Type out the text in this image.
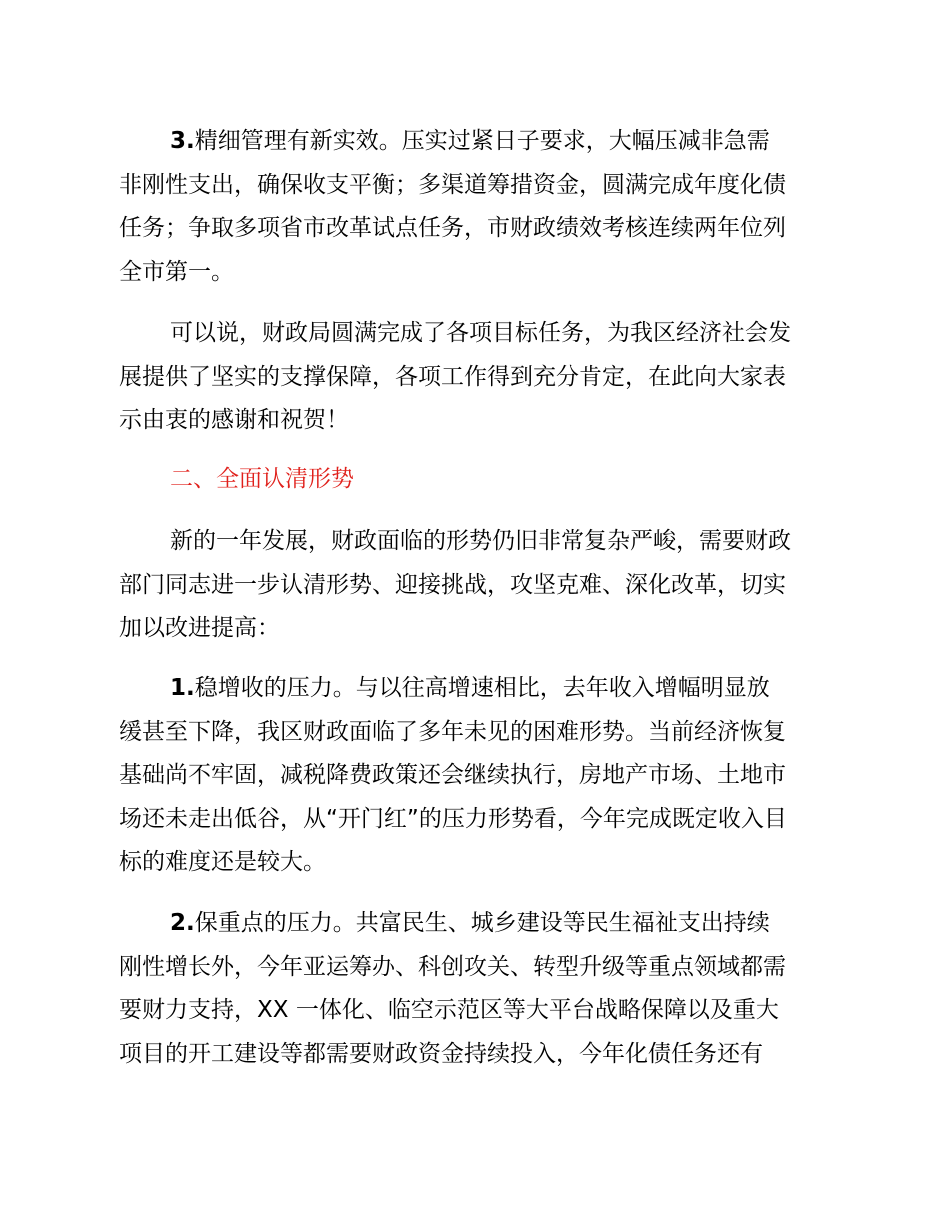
3.精细管理有新实效。压实过紧日子要求，大幅压减非急需
非刚性支出，确保收支平衡；多渠道筹措资金，圆满完成年度化债
任务；争取多项省市改革试点任务，市财政绩效考核连续两年位列
全市第一。

可以说，财政局圆满完成了各项目标任务，为我区经济社会发
展提供了坚实的支撑保障，各项工作得到充分肯定，在此向大家表
示由衷的感谢和祝贺！

二、全面认清形势

新的一年发展，财政面临的形势仍旧非常复杂严峻，需要财政
部门同志进一步认清形势、迎接挑战，攻坚克难、深化改革，切实
加以改进提高：

1.稳增收的压力。与以往高增速相比，去年收入增幅明显放
缓甚至下降，我区财政面临了多年未见的困难形势。当前经济恢复
基础尚不牢固，减税降费政策还会继续执行，房地产市场、土地市
场还未走出低谷，从“开门红”的压力形势看，今年完成既定收入目
标的难度还是较大。

2.保重点的压力。共富民生、城乡建设等民生福祉支出持续
刚性增长外，今年亚运筹办、科创攻关、转型升级等重点领域都需
要财力支持，XX 一体化、临空示范区等大平台战略保障以及重大
项目的开工建设等都需要财政资金持续投入，今年化债任务还有
